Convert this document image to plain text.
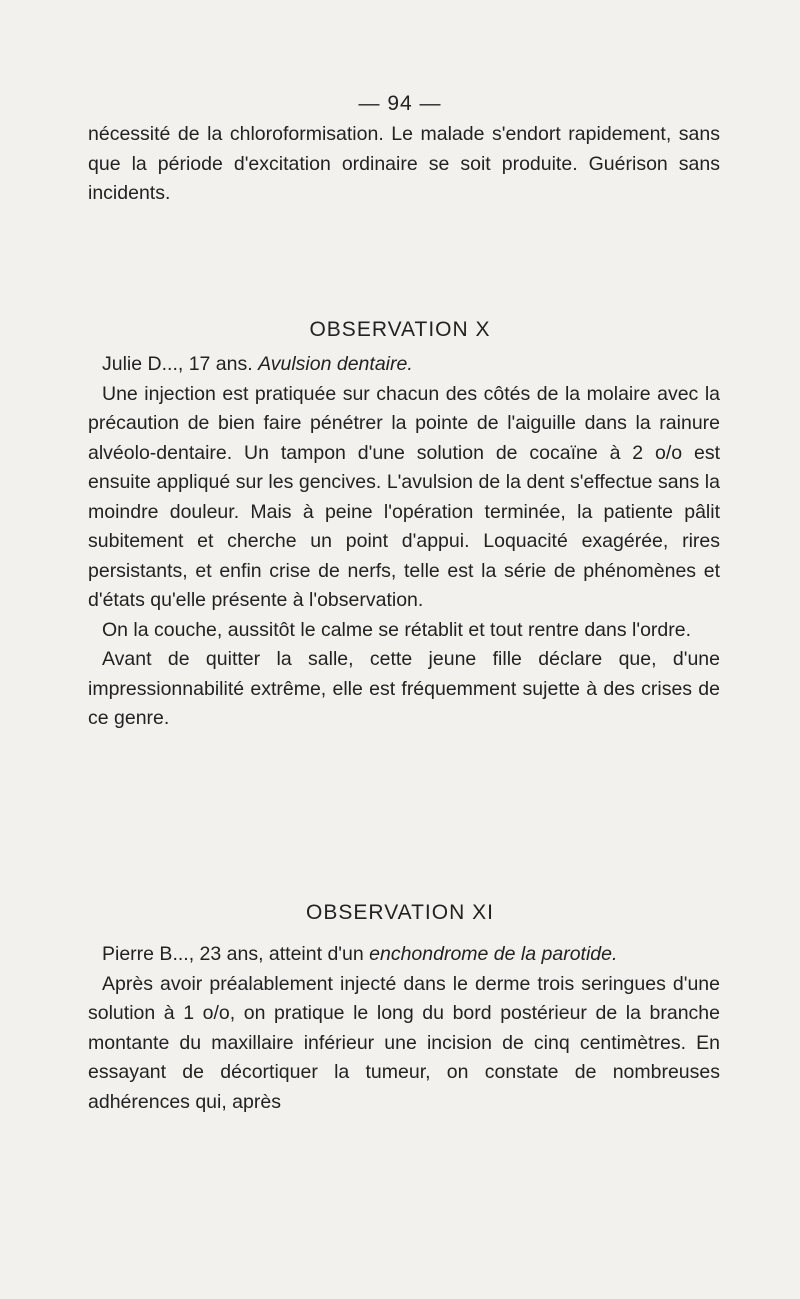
— 94 —

nécessité de la chloroformisation. Le malade s'endort rapidement, sans que la période d'excitation ordinaire se soit produite. Guérison sans incidents.

OBSERVATION X

Julie D..., 17 ans. Avulsion dentaire.

Une injection est pratiquée sur chacun des côtés de la molaire avec la précaution de bien faire pénétrer la pointe de l'aiguille dans la rainure alvéolo-dentaire. Un tampon d'une solution de cocaïne à 2 o/o est ensuite appliqué sur les gencives. L'avulsion de la dent s'effectue sans la moindre douleur. Mais à peine l'opération terminée, la patiente pâlit subitement et cherche un point d'appui. Loquacité exagérée, rires persistants, et enfin crise de nerfs, telle est la série de phénomènes et d'états qu'elle présente à l'observation.

On la couche, aussitôt le calme se rétablit et tout rentre dans l'ordre.

Avant de quitter la salle, cette jeune fille déclare que, d'une impressionnabilité extrême, elle est fréquemment sujette à des crises de ce genre.

OBSERVATION XI

Pierre B..., 23 ans, atteint d'un enchondrome de la parotide.

Après avoir préalablement injecté dans le derme trois seringues d'une solution à 1 o/o, on pratique le long du bord postérieur de la branche montante du maxillaire inférieur une incision de cinq centimètres. En essayant de décortiquer la tumeur, on constate de nombreuses adhérences qui, après
